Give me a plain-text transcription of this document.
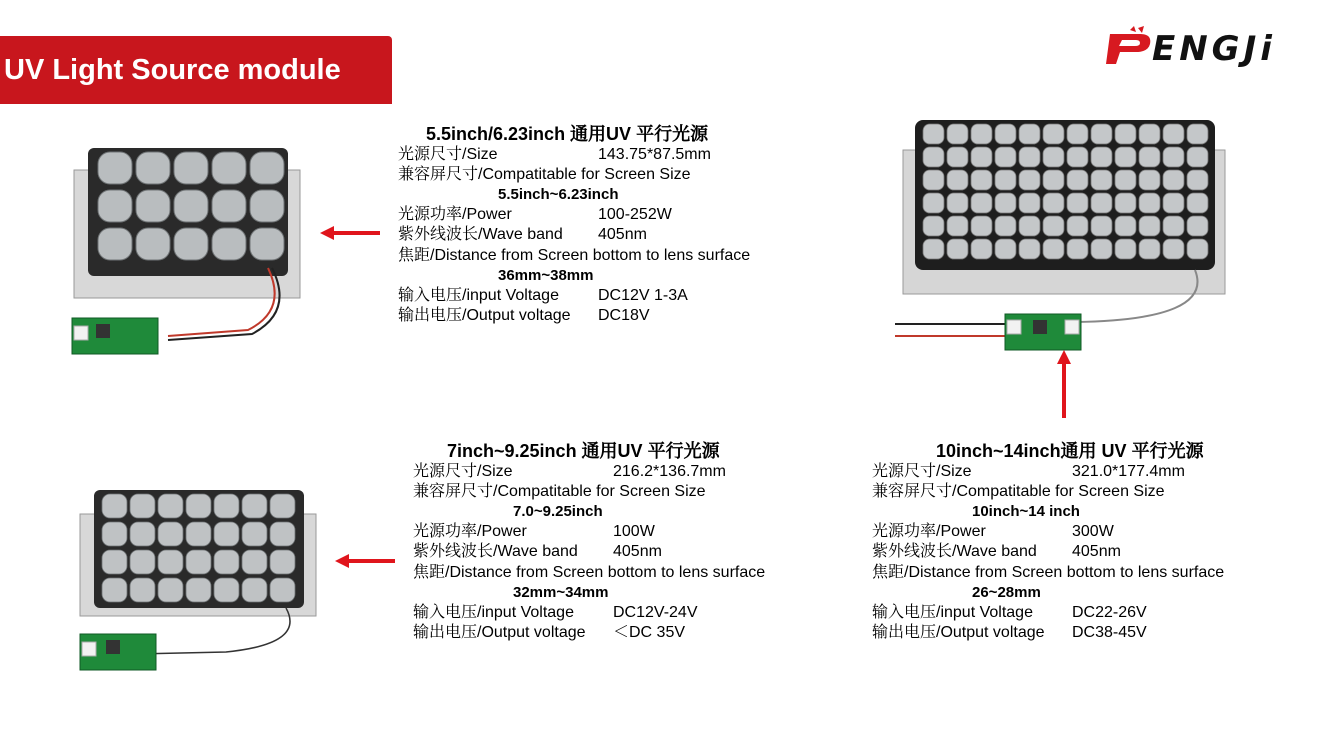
UV Light Source module
ENGJi
5.5inch/6.23inch 通用UV 平行光源
光源尺寸/Size	143.75*87.5mm
兼容屏尺寸/Compatitable for Screen Size
5.5inch~6.23inch
光源功率/Power	100-252W
紫外线波长/Wave band	405nm
焦距/Distance from Screen bottom to lens surface
36mm~38mm
输入电压/input Voltage	DC12V 1-3A
输出电压/Output voltage	DC18V
7inch~9.25inch 通用UV 平行光源
光源尺寸/Size	216.2*136.7mm
兼容屏尺寸/Compatitable for Screen Size
7.0~9.25inch
光源功率/Power	100W
紫外线波长/Wave band	405nm
焦距/Distance from Screen bottom to lens surface
32mm~34mm
输入电压/input Voltage	DC12V-24V
输出电压/Output voltage	＜DC 35V
10inch~14inch通用 UV 平行光源
光源尺寸/Size	321.0*177.4mm
兼容屏尺寸/Compatitable for Screen Size
10inch~14 inch
光源功率/Power	300W
紫外线波长/Wave band	405nm
焦距/Distance from Screen bottom to lens surface
26~28mm
输入电压/input Voltage	DC22-26V
输出电压/Output voltage	DC38-45V
